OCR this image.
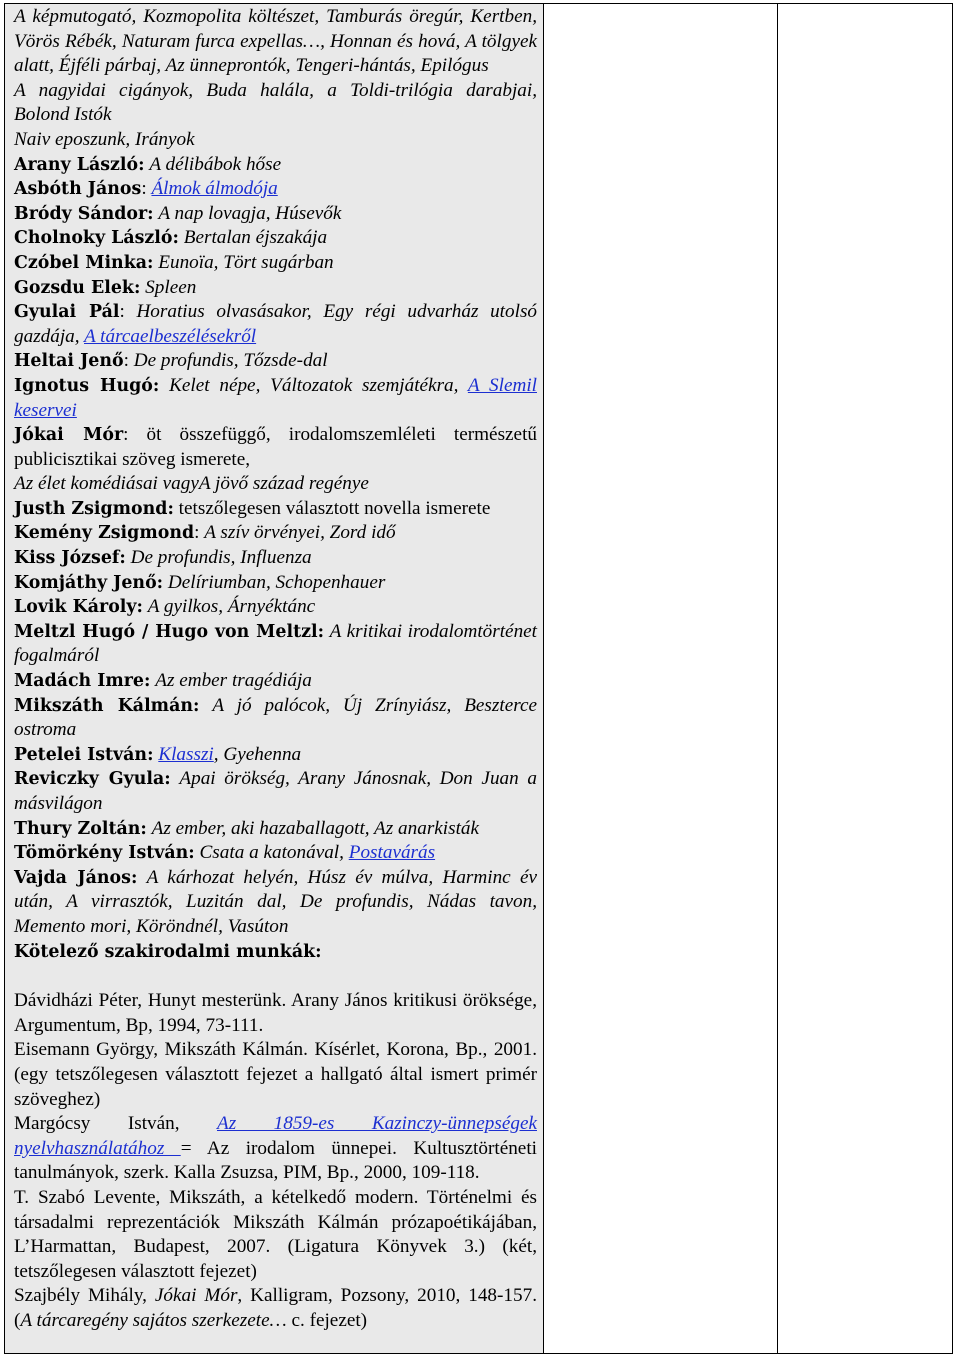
A képmutogató, Kozmopolita költészet, Tamburás öregúr, Kertben, Vörös Rébék, Naturam furca expellas…, Honnan és hová, A tölgyek alatt, Éjféli párbaj, Az ünneprontók, Tengeri-hántás, Epilógus

A nagyidai cigányok, Buda halála, a Toldi-trilógia darabjai, Bolond Istók

Naiv eposzunk, Irányok

Arany László: A délibábok hőse

Asbóth János: Álmok álmodója

Bródy Sándor: A nap lovagja, Húsevők

Cholnoky László: Bertalan éjszakája

Czóbel Minka: Eunoïa, Tört sugárban

Gozsdu Elek: Spleen

Gyulai Pál: Horatius olvasásakor, Egy régi udvarház utolsó gazdája, A tárcaelbeszélésekről

Heltai Jenő: De profundis, Tőzsde-dal

Ignotus Hugó: Kelet népe, Változatok szemjátékra, A Slemil keservei

Jókai Mór: öt összefüggő, irodalomszemléleti természetű publicisztikai szöveg ismerete,

Az élet komédiásai vagyA jövő század regénye

Justh Zsigmond: tetszőlegesen választott novella ismerete

Kemény Zsigmond: A szív örvényei, Zord idő

Kiss József: De profundis, Influenza

Komjáthy Jenő: Delíriumban, Schopenhauer

Lovik Károly: A gyilkos, Árnyéktánc

Meltzl Hugó / Hugo von Meltzl: A kritikai irodalomtörténet fogalmáról

Madách Imre: Az ember tragédiája

Mikszáth Kálmán: A jó palócok, Új Zrínyiász, Beszterce ostroma

Petelei István: Klasszi, Gyehenna

Reviczky Gyula: Apai örökség, Arany Jánosnak, Don Juan a másvilágon

Thury Zoltán: Az ember, aki hazaballagott, Az anarkisták

Tömörkény István: Csata a katonával, Postavárás

Vajda János: A kárhozat helyén, Húsz év múlva, Harminc év után, A virrasztók, Luzitán dal, De profundis, Nádas tavon, Memento mori, Köröndnél, Vasúton

Kötelező szakirodalmi munkák:

Dávidházi Péter, Hunyt mesterünk. Arany János kritikusi öröksége, Argumentum, Bp, 1994, 73-111.

Eisemann György, Mikszáth Kálmán. Kísérlet, Korona, Bp., 2001. (egy tetszőlegesen választott fejezet a hallgató által ismert primér szöveghez)

Margócsy István, Az 1859-es Kazinczy-ünnepségek nyelvhasználatához = Az irodalom ünnepei. Kultusztörténeti tanulmányok, szerk. Kalla Zsuzsa, PIM, Bp., 2000, 109-118.

T. Szabó Levente, Mikszáth, a kételkedő modern. Történelmi és társadalmi reprezentációk Mikszáth Kálmán prózapoétikájában, L’Harmattan, Budapest, 2007. (Ligatura Könyvek 3.) (két, tetszőlegesen választott fejezet)

Szajbély Mihály, Jókai Mór, Kalligram, Pozsony, 2010, 148-157. (A tárcaregény sajátos szerkezete… c. fejezet)
